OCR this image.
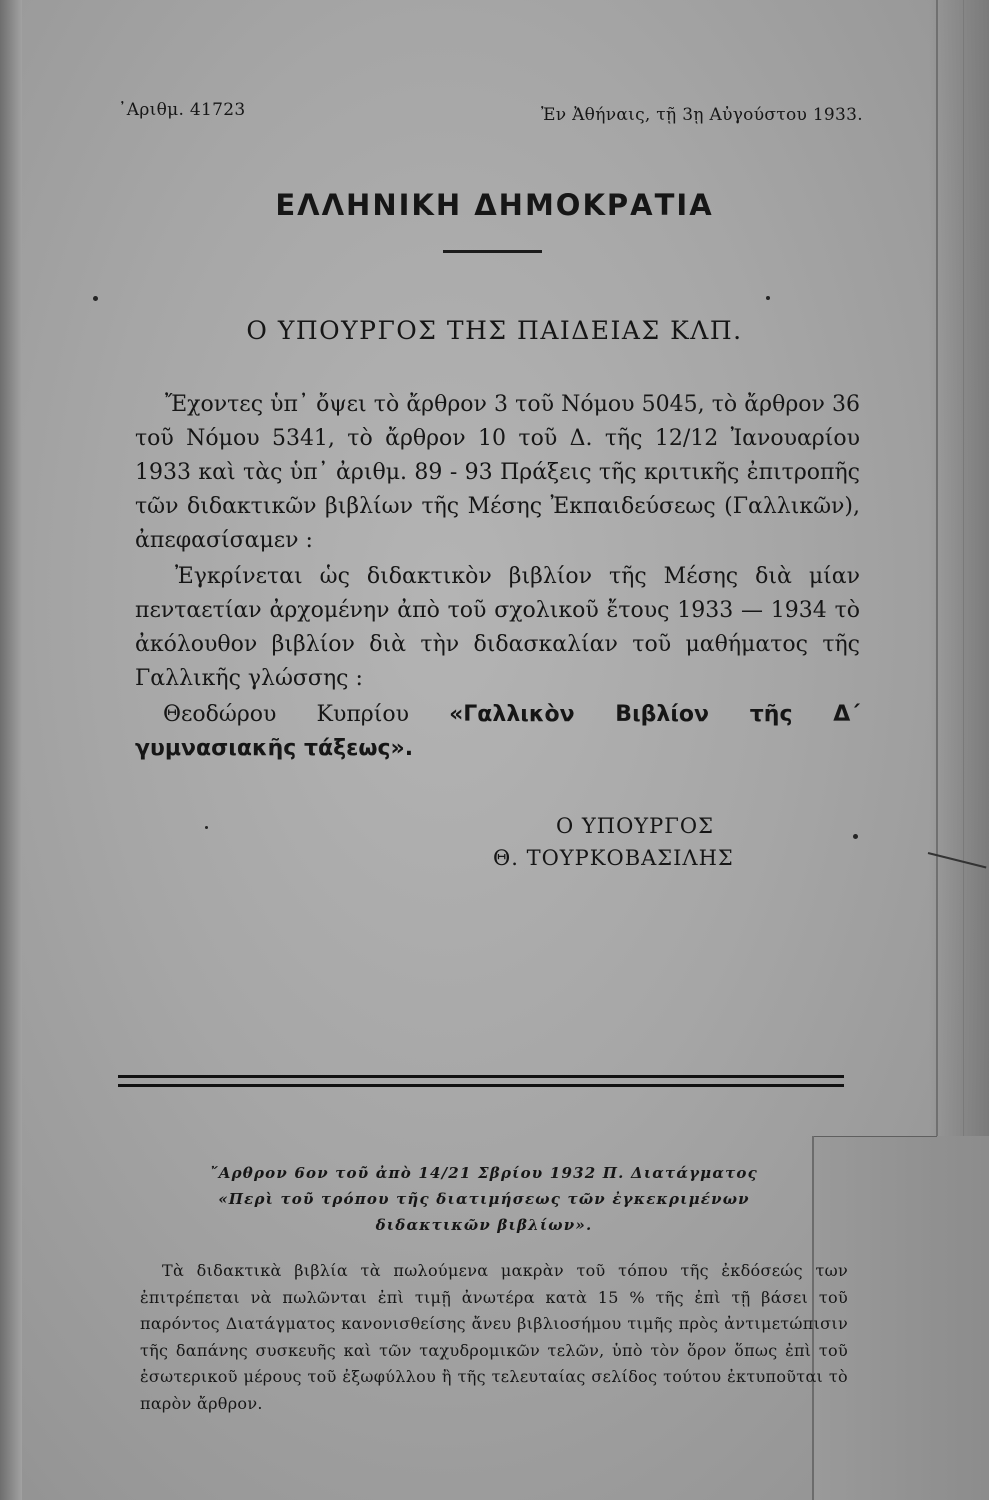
᾿Αριθμ. 41723	Ἐν Ἀθήναις, τῇ 3ῃ Αὐγούστου 1933.
ΕΛΛΗΝΙΚΗ ΔΗΜΟΚΡΑΤΙΑ
Ο ΥΠΟΥΡΓΟΣ ΤΗΣ ΠΑΙΔΕΙΑΣ ΚΛΠ.
Ἔχοντες ὑπ᾿ ὄψει τὸ ἄρθρον 3 τοῦ Νόμου 5045, τὸ ἄρθρον 36 τοῦ Νόμου 5341, τὸ ἄρθρον 10 τοῦ Δ. τῆς 12/12 Ἰανουαρίου 1933 καὶ τὰς ὑπ᾿ ἀριθμ. 89 - 93 Πράξεις τῆς κριτικῆς ἐπιτροπῆς τῶν διδακτικῶν βιβλίων τῆς Μέσης Ἐκπαιδεύσεως (Γαλλικῶν), ἀπεφασίσαμεν :
Ἐγκρίνεται ὡς διδακτικὸν βιβλίον τῆς Μέσης διὰ μίαν πενταετίαν ἀρχομένην ἀπὸ τοῦ σχολικοῦ ἔτους 1933 — 1934 τὸ ἀκόλουθον βιβλίον διὰ τὴν διδασκαλίαν τοῦ μαθήματος τῆς Γαλλικῆς γλώσσης :
Θεοδώρου Κυπρίου «Γαλλικὸν Βιβλίον τῆς Δ΄ γυμνασιακῆς τάξεως».
Ο ΥΠΟΥΡΓΟΣ
Θ. ΤΟΥΡΚΟΒΑΣΙΛΗΣ
῎Αρθρον 6ον τοῦ ἀπὸ 14/21 Σβρίου 1932 Π. Διατάγματος
«Περὶ τοῦ τρόπου τῆς διατιμήσεως τῶν ἐγκεκριμένων
διδακτικῶν βιβλίων».
Τὰ διδακτικὰ βιβλία τὰ πωλούμενα μακρὰν τοῦ τόπου τῆς ἐκδόσεώς των ἐπιτρέπεται νὰ πωλῶνται ἐπὶ τιμῇ ἀνωτέρα κατὰ 15 % τῆς ἐπὶ τῇ βάσει τοῦ παρόντος Διατάγματος κανονισθείσης ἄνευ βιβλιοσήμου τιμῆς πρὸς ἀντιμετώπισιν τῆς δαπάνης συσκευῆς καὶ τῶν ταχυδρομικῶν τελῶν, ὑπὸ τὸν ὅρον ὅπως ἐπὶ τοῦ ἐσωτερικοῦ μέρους τοῦ ἐξωφύλλου ἢ τῆς τελευταίας σελίδος τούτου ἐκτυποῦται τὸ παρὸν ἄρθρον.
